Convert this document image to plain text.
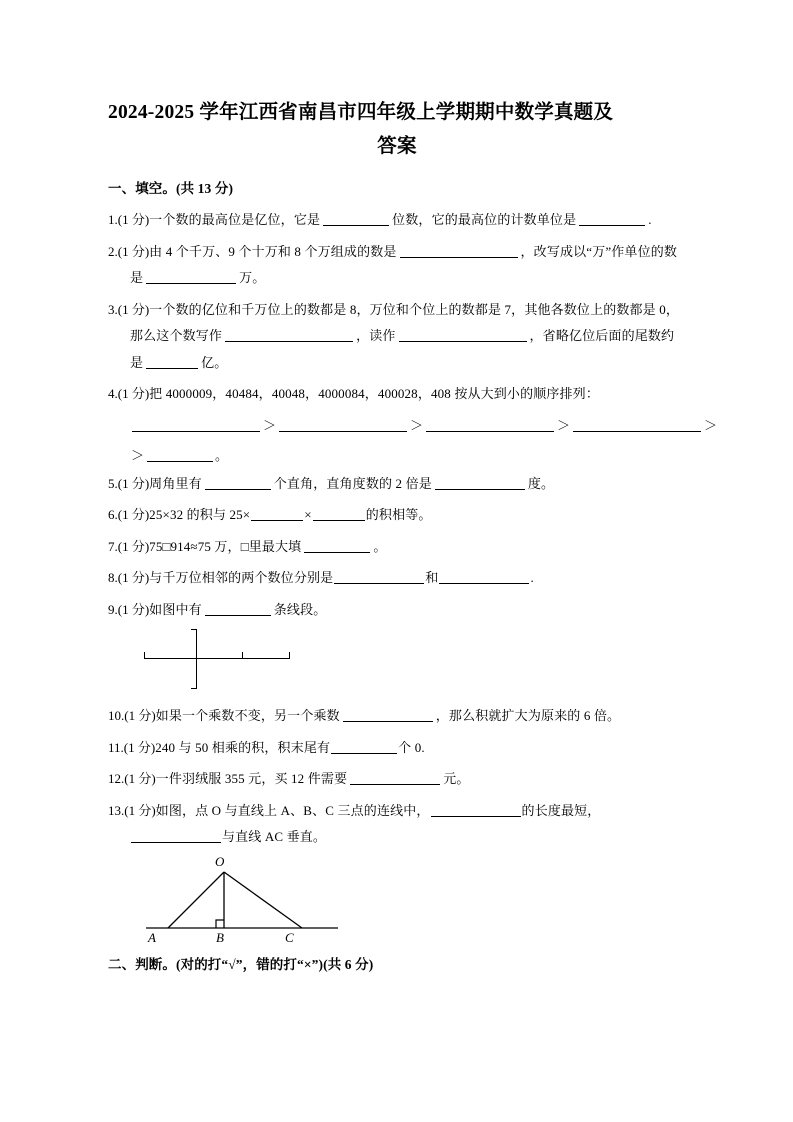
2024-2025 学年江西省南昌市四年级上学期期中数学真题及
答案
一、填空。(共 13 分)

1.(1 分)一个数的最高位是亿位，它是	位数，它的最高位的计数单位是	.

2.(1 分)由 4 个千万、9 个十万和 8 个万组成的数是	，改写成以“万”作单位的数是	万。

3.(1 分)一个数的亿位和千万位上的数都是 8，万位和个位上的数都是 7，其他各数位上的数都是 0，那么这个数写作	，读作	，省略亿位后面的尾数约是	亿。

4.(1 分)把 4000009，40484，40048，4000084，400028，408 按从大到小的顺序排列：

＞	＞	＞	＞
＞	。

5.(1 分)周角里有	个直角，直角度数的 2 倍是	度。

6.(1 分)25×32 的积与 25×	×	的积相等。

7.(1 分)75□914≈75 万，□里最大填	。

8.(1 分)与千万位相邻的两个数位分别是	和	.

9.(1 分)如图中有	条线段。

10.(1 分)如果一个乘数不变，另一个乘数	，那么积就扩大为原来的 6 倍。

11.(1 分)240 与 50 相乘的积，积末尾有	个 0.

12.(1 分)一件羽绒服 355 元，买 12 件需要	元。

13.(1 分)如图，点 O 与直线上 A、B、C 三点的连线中，	的长度最短，与直线 AC 垂直。

O
A	B	C
二、判断。(对的打“√”，错的打“×”)(共 6 分)
